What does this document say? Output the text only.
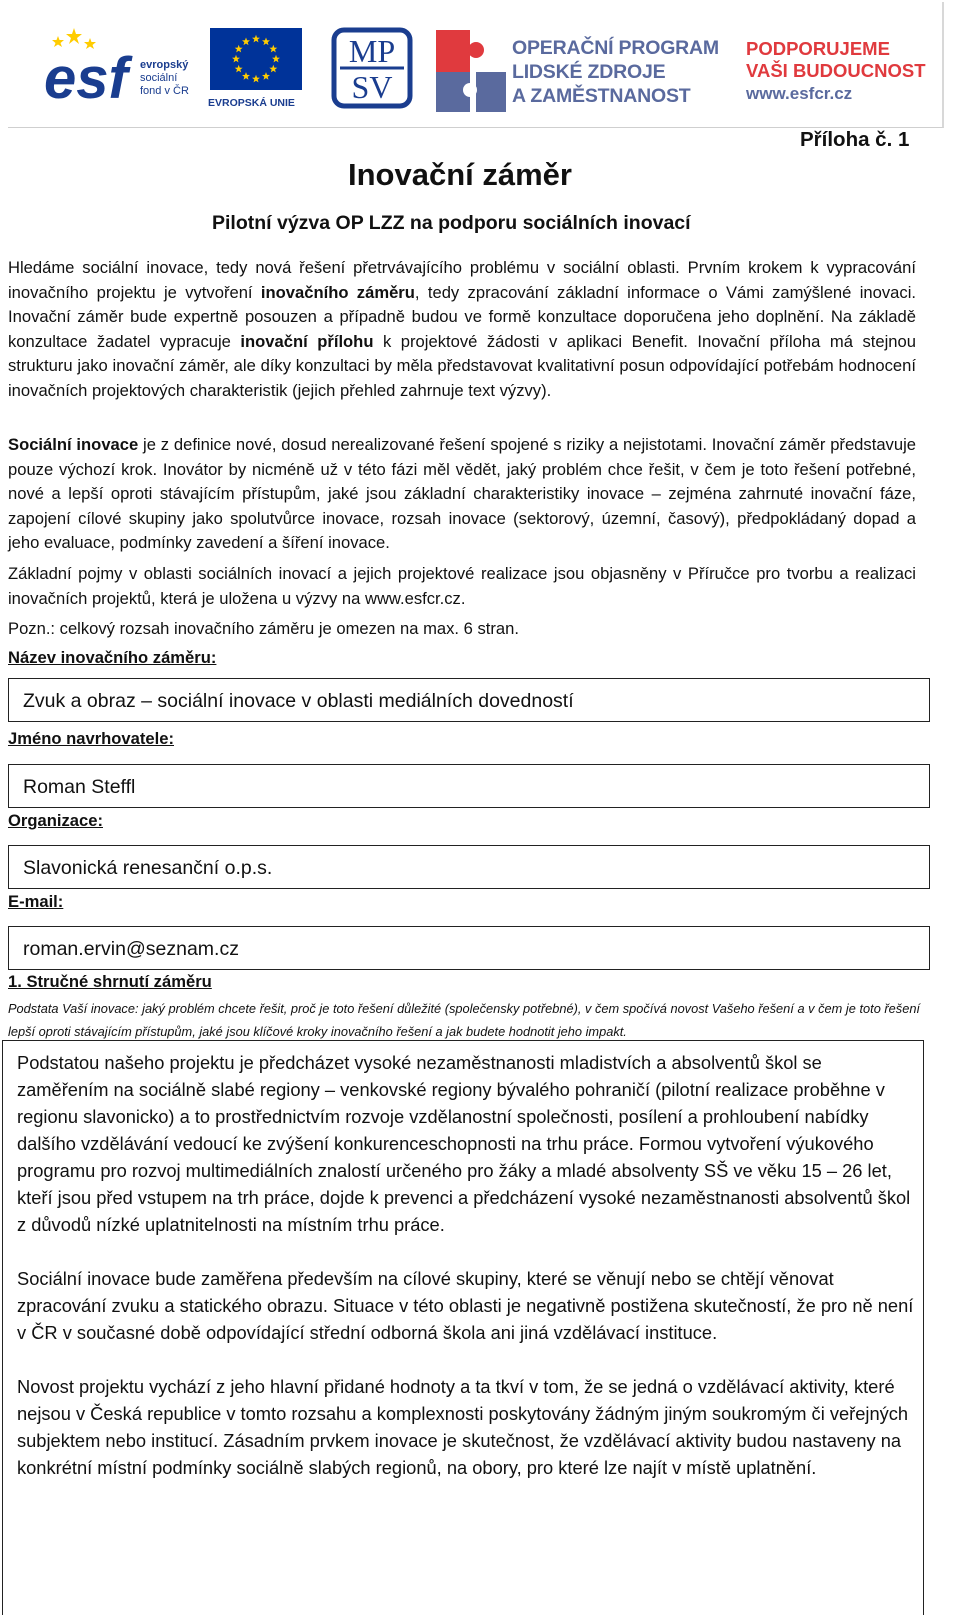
esf	evropský
sociální
fond v ČR
EVROPSKÁ UNIE
MP
SV
OPERAČNÍ PROGRAM
LIDSKÉ ZDROJE
A ZAMĚSTNANOST
PODPORUJEME
VAŠI BUDOUCNOST
www.esfcr.cz
Příloha č. 1
Inovační záměr
Pilotní výzva OP LZZ na podporu sociálních inovací
Hledáme sociální inovace, tedy nová řešení přetrvávajícího problému v sociální oblasti. Prvním krokem k vypracování inovačního projektu je vytvoření inovačního záměru, tedy zpracování základní informace o Vámi zamýšlené inovaci. Inovační záměr bude expertně posouzen a případně budou ve formě konzultace doporučena jeho doplnění. Na základě konzultace žadatel vypracuje inovační přílohu k projektové žádosti v aplikaci Benefit. Inovační příloha má stejnou strukturu jako inovační záměr, ale díky konzultaci by měla představovat kvalitativní posun odpovídající potřebám hodnocení inovačních projektových charakteristik (jejich přehled zahrnuje text výzvy).
Sociální inovace je z definice nové, dosud nerealizované řešení spojené s riziky a nejistotami. Inovační záměr představuje pouze výchozí krok. Inovátor by nicméně už v této fázi měl vědět, jaký problém chce řešit, v čem je toto řešení potřebné, nové a lepší oproti stávajícím přístupům, jaké jsou základní charakteristiky inovace – zejména zahrnuté inovační fáze, zapojení cílové skupiny jako spolutvůrce inovace, rozsah inovace (sektorový, územní, časový), předpokládaný dopad a jeho evaluace, podmínky zavedení a šíření inovace.
Základní pojmy v oblasti sociálních inovací a jejich projektové realizace jsou objasněny v Příručce pro tvorbu a realizaci inovačních projektů, která je uložena u výzvy na www.esfcr.cz.
Pozn.: celkový rozsah inovačního záměru je omezen na max. 6 stran.
Název inovačního záměru:
Zvuk a obraz – sociální inovace v oblasti mediálních dovedností
Jméno navrhovatele:
Roman Steffl
Organizace:
Slavonická renesanční o.p.s.
E-mail:
roman.ervin@seznam.cz
1. Stručné shrnutí záměru
Podstata Vaší inovace: jaký problém chcete řešit, proč je toto řešení důležité (společensky potřebné), v čem spočívá novost Vašeho řešení a v čem je toto řešení lepší oproti stávajícím přístupům, jaké jsou klíčové kroky inovačního řešení a jak budete hodnotit jeho impakt.

Podstatou našeho projektu je předcházet vysoké nezaměstnanosti mladistvích a absolventů škol se zaměřením na sociálně slabé regiony – venkovské regiony bývalého pohraničí (pilotní realizace proběhne v regionu slavonicko) a to prostřednictvím rozvoje vzdělanostní společnosti, posílení a prohloubení nabídky dalšího vzdělávání vedoucí ke zvýšení konkurenceschopnosti na trhu práce. Formou vytvoření výukového programu pro rozvoj multimediálních znalostí určeného pro žáky a mladé absolventy SŠ ve věku 15 – 26 let, kteří jsou před vstupem na trh práce, dojde k prevenci a předcházení vysoké nezaměstnanosti absolventů škol z důvodů nízké uplatnitelnosti na místním trhu práce.

Sociální inovace bude zaměřena především na cílové skupiny, které se věnují nebo se chtějí věnovat zpracování zvuku a statického obrazu. Situace v této oblasti je negativně postižena skutečností, že pro ně není v ČR v současné době odpovídající střední odborná škola ani jiná vzdělávací instituce.

Novost projektu vychází z jeho hlavní přidané hodnoty a ta tkví v tom, že se jedná o vzdělávací aktivity, které nejsou v Česká republice v tomto rozsahu a komplexnosti poskytovány žádným jiným soukromým či veřejných subjektem nebo institucí. Zásadním prvkem inovace je skutečnost, že vzdělávací aktivity budou nastaveny na konkrétní místní podmínky sociálně slabých regionů, na obory, pro které lze najít v místě uplatnění.
